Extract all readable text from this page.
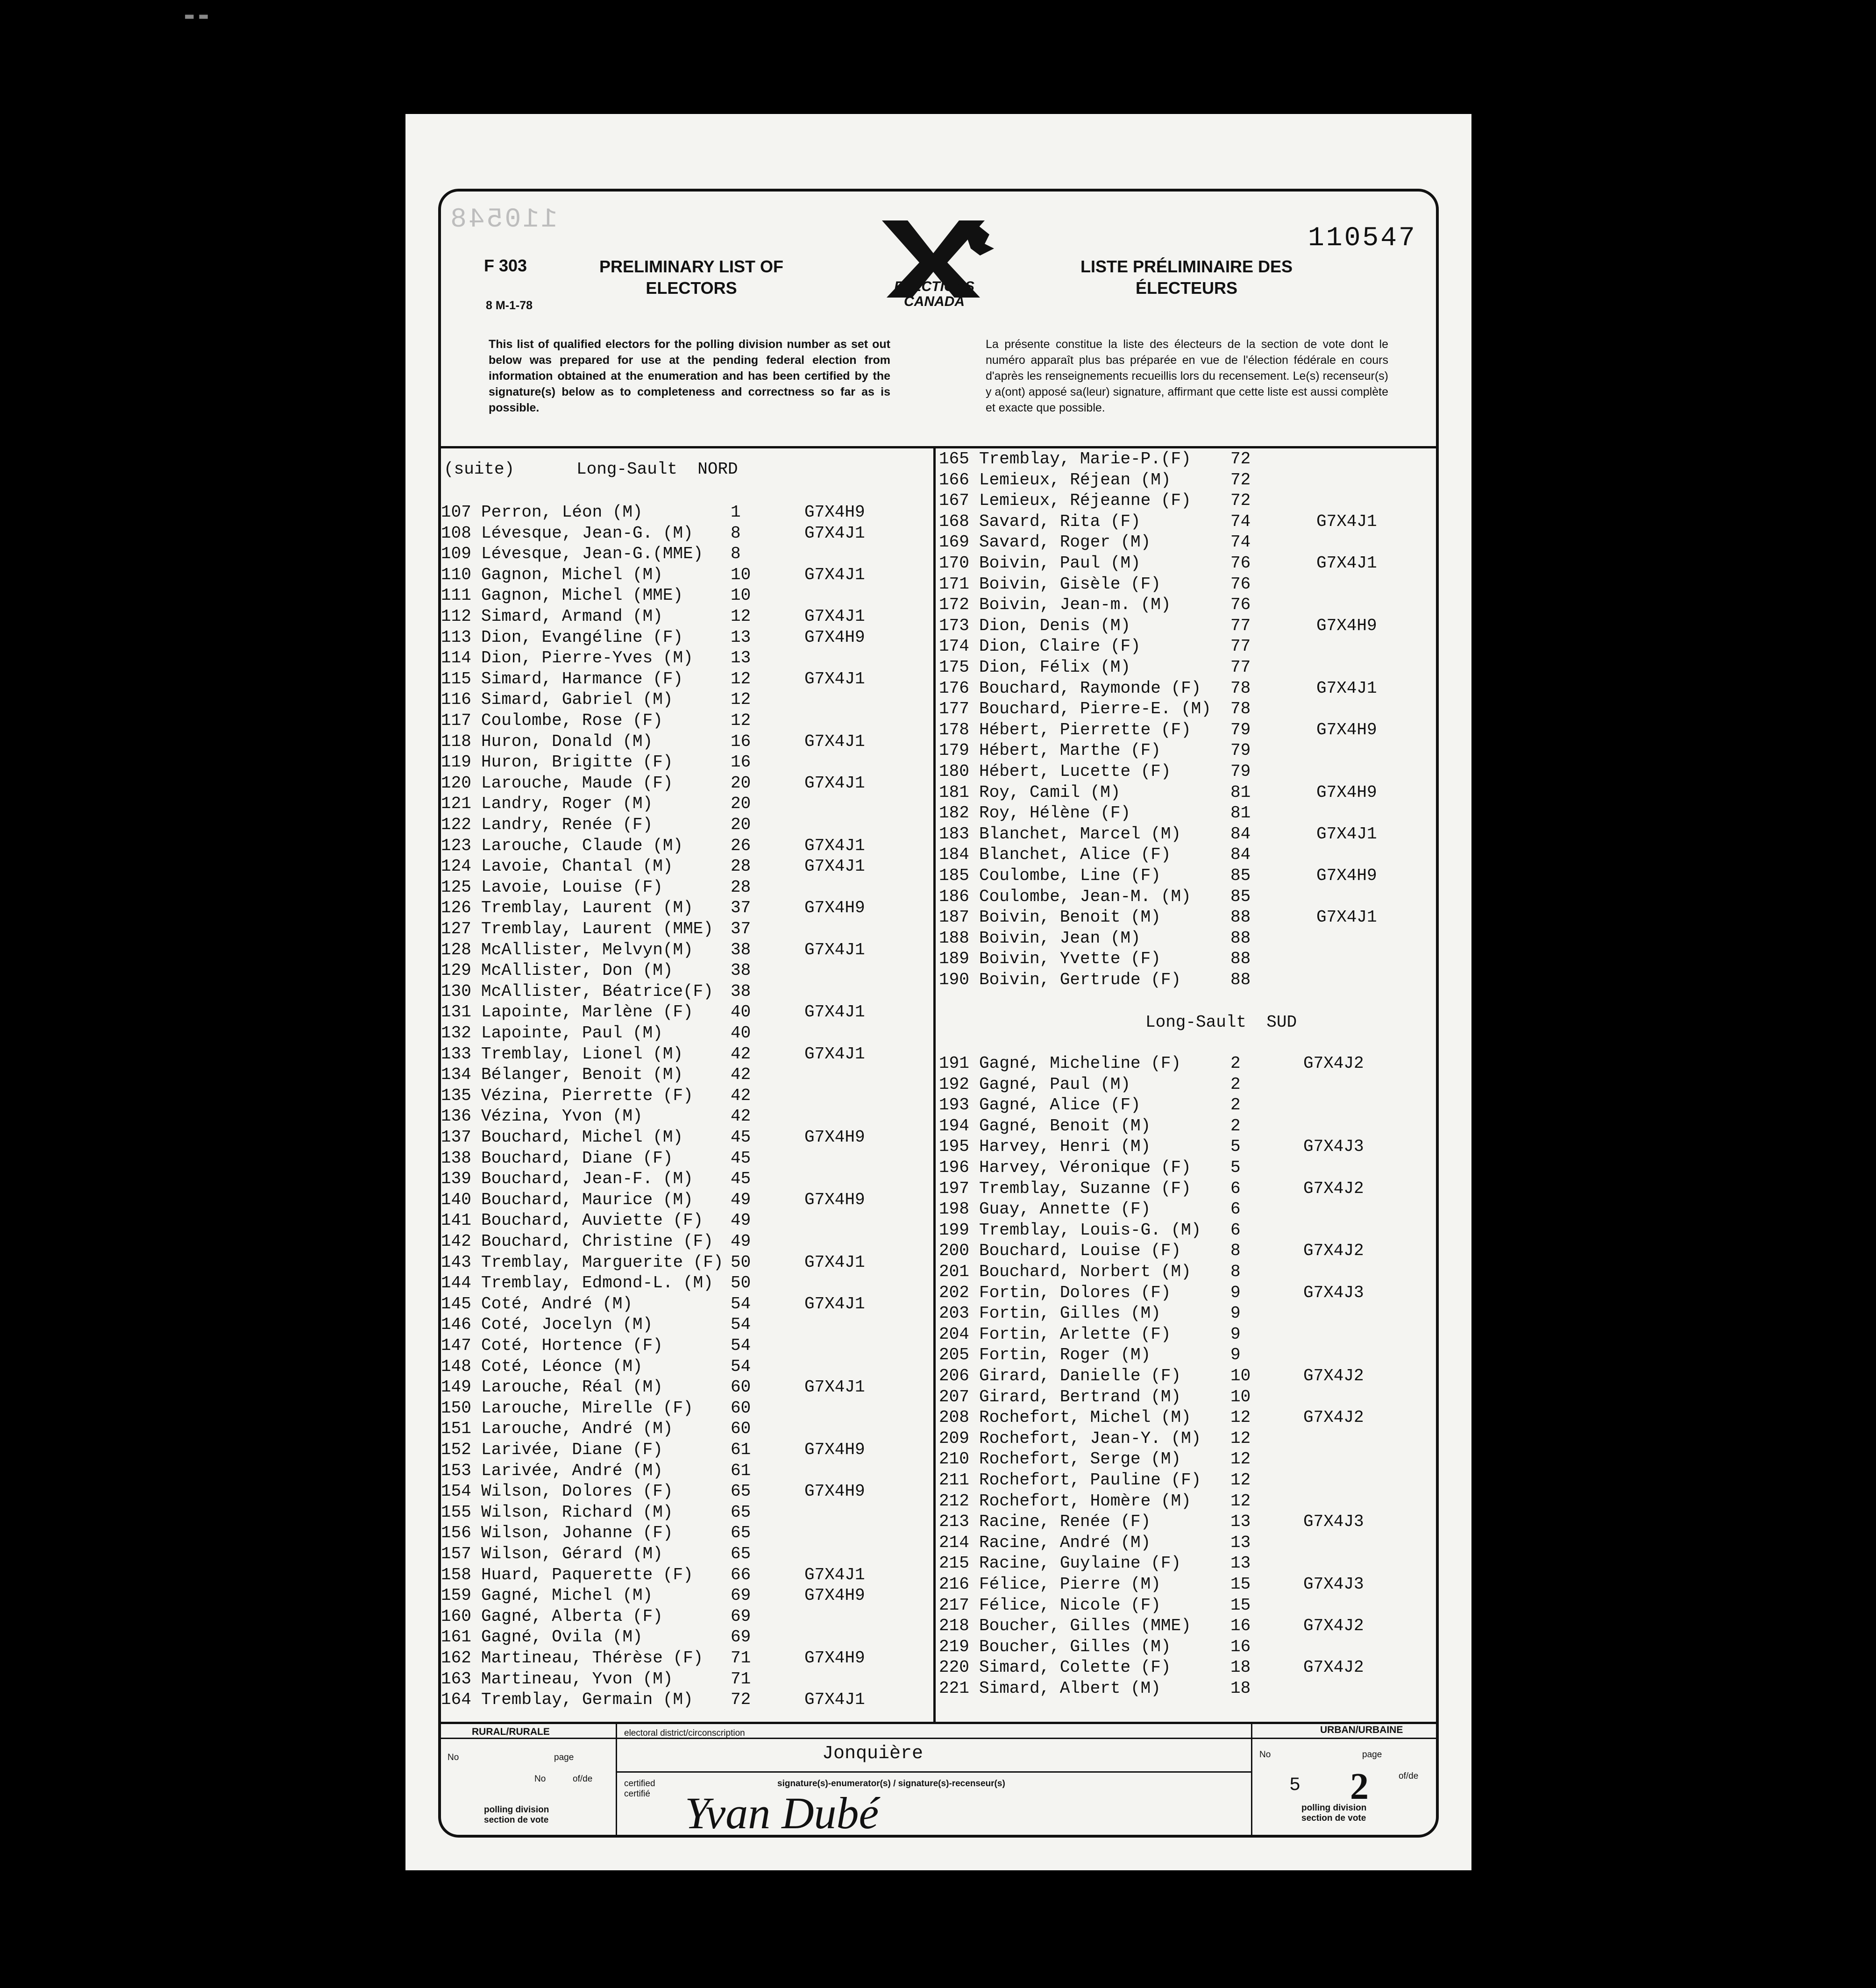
▬ ▬
110548
F 303
8 M-1-78
PRELIMINARY LIST OF
ELECTORS	ELECTIONS
CANADA
LISTE PRÉLIMINAIRE DES
ÉLECTEURS
110547
This list of qualified electors for the polling division number as set out below was prepared for use at the pending federal election from information obtained at the enumeration and has been certified by the signature(s) below as to completeness and correctness so far as is possible.
La présente constitue la liste des électeurs de la section de vote dont le numéro apparaît plus bas préparée en vue de l'élection fédérale en cours d'après les renseignements recueillis lors du recensement. Le(s) recenseur(s) y a(ont) apposé sa(leur) signature, affirmant que cette liste est aussi complète et exacte que possible.
(suite)	Long-Sault  NORD
107 Perron, Léon (M)	1	G7X4H9
108 Lévesque, Jean-G. (M) 8	G7X4J1
109 Lévesque, Jean-G.(MME) 8
110 Gagnon, Michel (M)	10	G7X4J1
111 Gagnon, Michel (MME)	10
112 Simard, Armand (M)	12	G7X4J1
113 Dion, Evangéline (F)	13	G7X4H9
114 Dion, Pierre-Yves (M) 13
115 Simard, Harmance (F)	12	G7X4J1
116 Simard, Gabriel (M)	12
117 Coulombe, Rose (F)	12
118 Huron, Donald (M)	16	G7X4J1
119 Huron, Brigitte (F)	16
120 Larouche, Maude (F)	20	G7X4J1
121 Landry, Roger (M)	20
122 Landry, Renée (F)	20
123 Larouche, Claude (M)	26	G7X4J1
124 Lavoie, Chantal (M)	28	G7X4J1
125 Lavoie, Louise (F)	28
126 Tremblay, Laurent (M) 37	G7X4H9
127 Tremblay, Laurent (MME) 37
128 McAllister, Melvyn(M) 38	G7X4J1
129 McAllister, Don (M)	38
130 McAllister, Béatrice(F) 38
131 Lapointe, Marlène (F) 40	G7X4J1
132 Lapointe, Paul (M)	40
133 Tremblay, Lionel (M)	42	G7X4J1
134 Bélanger, Benoit (M)	42
135 Vézina, Pierrette (F) 42
136 Vézina, Yvon (M)	42
137 Bouchard, Michel (M)	45	G7X4H9
138 Bouchard, Diane (F)	45
139 Bouchard, Jean-F. (M) 45
140 Bouchard, Maurice (M) 49	G7X4H9
141 Bouchard, Auviette (F) 49
142 Bouchard, Christine (F) 49
143 Tremblay, Marguerite (F) 50	G7X4J1
144 Tremblay, Edmond-L. (M) 50
145 Coté, André (M)	54	G7X4J1
146 Coté, Jocelyn (M)	54
147 Coté, Hortence (F)	54
148 Coté, Léonce (M)	54
149 Larouche, Réal (M)	60	G7X4J1
150 Larouche, Mirelle (F) 60
151 Larouche, André (M)	60
152 Larivée, Diane (F)	61	G7X4H9
153 Larivée, André (M)	61
154 Wilson, Dolores (F)	65	G7X4H9
155 Wilson, Richard (M)	65
156 Wilson, Johanne (F)	65
157 Wilson, Gérard (M)	65
158 Huard, Paquerette (F) 66	G7X4J1
159 Gagné, Michel (M)	69	G7X4H9
160 Gagné, Alberta (F)	69
161 Gagné, Ovila (M)	69
162 Martineau, Thérèse (F) 71	G7X4H9
163 Martineau, Yvon (M)	71
164 Tremblay, Germain (M) 72	G7X4J1
165 Tremblay, Marie-P.(F) 72
166 Lemieux, Réjean (M)	72
167 Lemieux, Réjeanne (F) 72
168 Savard, Rita (F)	74	G7X4J1
169 Savard, Roger (M)	74
170 Boivin, Paul (M)	76	G7X4J1
171 Boivin, Gisèle (F)	76
172 Boivin, Jean-m. (M)	76
173 Dion, Denis (M)	77	G7X4H9
174 Dion, Claire (F)	77
175 Dion, Félix (M)	77
176 Bouchard, Raymonde (F) 78	G7X4J1
177 Bouchard, Pierre-E. (M) 78
178 Hébert, Pierrette (F) 79	G7X4H9
179 Hébert, Marthe (F)	79
180 Hébert, Lucette (F)	79
181 Roy, Camil (M)	81	G7X4H9
182 Roy, Hélène (F)	81
183 Blanchet, Marcel (M)	84	G7X4J1
184 Blanchet, Alice (F)	84
185 Coulombe, Line (F)	85	G7X4H9
186 Coulombe, Jean-M. (M) 85
187 Boivin, Benoit (M)	88	G7X4J1
188 Boivin, Jean (M)	88
189 Boivin, Yvette (F)	88
190 Boivin, Gertrude (F)	88
Long-Sault  SUD
191 Gagné, Micheline (F)	2	G7X4J2
192 Gagné, Paul (M)	2
193 Gagné, Alice (F)	2
194 Gagné, Benoit (M)	2
195 Harvey, Henri (M)	5	G7X4J3
196 Harvey, Véronique (F) 5
197 Tremblay, Suzanne (F) 6	G7X4J2
198 Guay, Annette (F)	6
199 Tremblay, Louis-G. (M) 6
200 Bouchard, Louise (F)	8	G7X4J2
201 Bouchard, Norbert (M) 8
202 Fortin, Dolores (F)	9	G7X4J3
203 Fortin, Gilles (M)	9
204 Fortin, Arlette (F)	9
205 Fortin, Roger (M)	9
206 Girard, Danielle (F)	10	G7X4J2
207 Girard, Bertrand (M)	10
208 Rochefort, Michel (M) 12	G7X4J2
209 Rochefort, Jean-Y. (M) 12
210 Rochefort, Serge (M)	12
211 Rochefort, Pauline (F) 12
212 Rochefort, Homère (M) 12
213 Racine, Renée (F)	13	G7X4J3
214 Racine, André (M)	13
215 Racine, Guylaine (F)	13
216 Félice, Pierre (M)	15	G7X4J3
217 Félice, Nicole (F)	15
218 Boucher, Gilles (MME) 16	G7X4J2
219 Boucher, Gilles (M)	16
220 Simard, Colette (F)	18	G7X4J2
221 Simard, Albert (M)	18
RURAL/RURALE	URBAN/URBAINE
No	page
No	of/de
electoral district/circonscription
Jonquière
certified
certifié
signature(s)-enumerator(s) / signature(s)-recenseur(s)
Yvan Dubé
polling division
section de vote
No	page
of/de
5 2
polling division
section de vote
